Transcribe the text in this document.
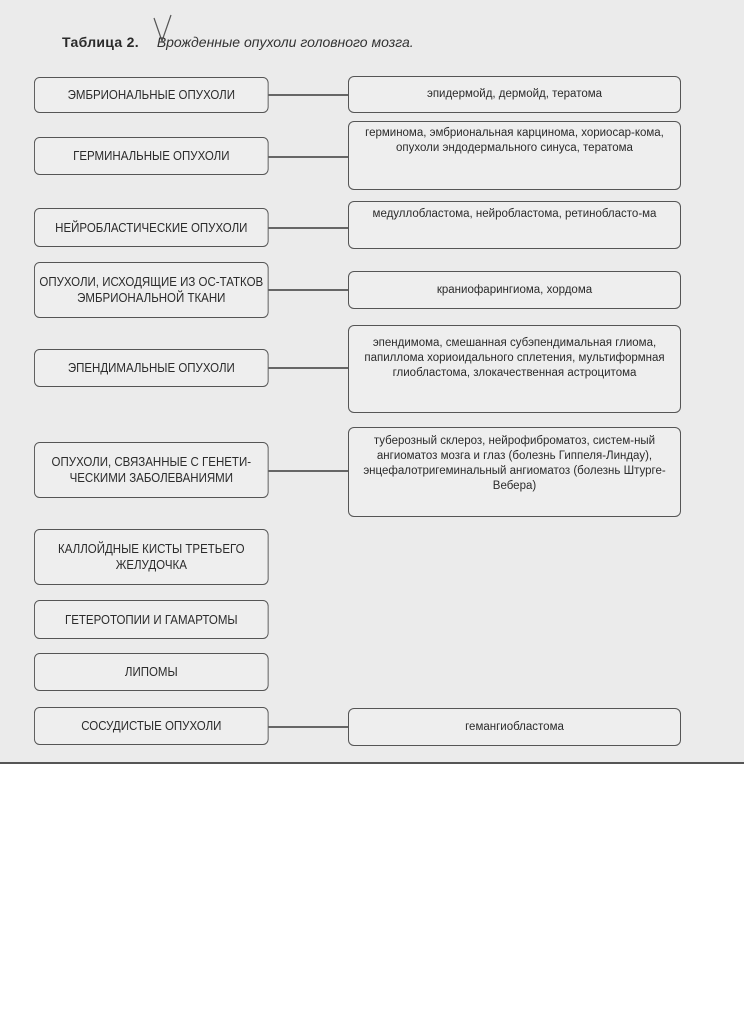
Таблица 2. Врожденные опухоли головного мозга.
ЭМБРИОНАЛЬНЫЕ ОПУХОЛИ	эпидермойд, дермойд, тератома
ГЕРМИНАЛЬНЫЕ ОПУХОЛИ
герминома, эмбриональная карцинома, хориосар-кома, опухоли эндодермального синуса, тератома
НЕЙРОБЛАСТИЧЕСКИЕ ОПУХОЛИ
медуллобластома, нейробластома, ретинобласто-ма
ОПУХОЛИ, ИСХОДЯЩИЕ ИЗ ОС-ТАТКОВ ЭМБРИОНАЛЬНОЙ ТКАНИ
краниофарингиома, хордома
ЭПЕНДИМАЛЬНЫЕ ОПУХОЛИ
эпендимома, смешанная субэпендимальная глиома, папиллома хориоидального сплетения, мультиформная глиобластома, злокачественная астроцитома
ОПУХОЛИ, СВЯЗАННЫЕ С ГЕНЕТИ-ЧЕСКИМИ ЗАБОЛЕВАНИЯМИ
туберозный склероз, нейрофиброматоз, систем-ный ангиоматоз мозга и глаз (болезнь Гиппеля-Линдау), энцефалотригеминальный ангиоматоз (болезнь Штурге-Вебера)
КАЛЛОЙДНЫЕ КИСТЫ ТРЕТЬЕГО ЖЕЛУДОЧКА
ГЕТЕРОТОПИИ И ГАМАРТОМЫ
ЛИПОМЫ
СОСУДИСТЫЕ ОПУХОЛИ	гемангиобластома
